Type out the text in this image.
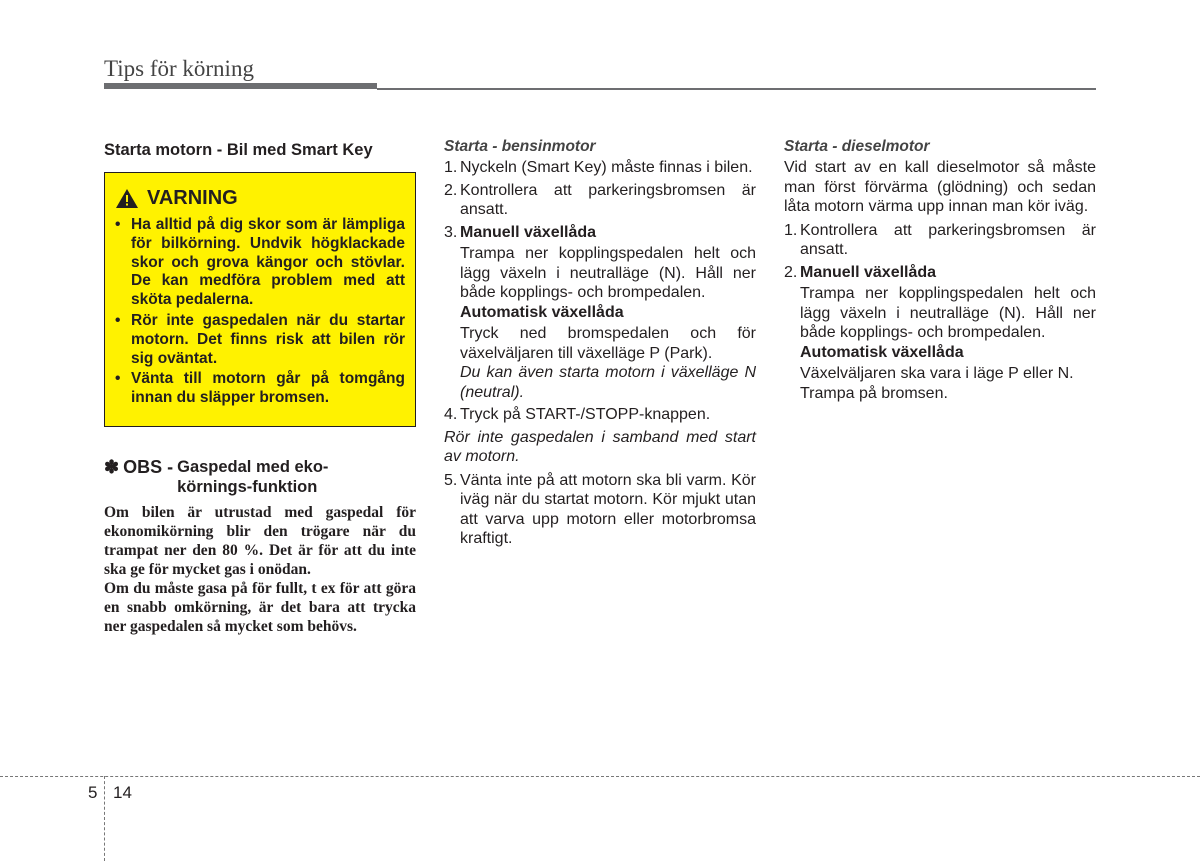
Tips för körning
Starta motorn - Bil med Smart Key
VARNING
• Ha alltid på dig skor som är lämpliga för bilkörning. Undvik högklackade skor och grova kängor och stövlar. De kan medföra problem med att sköta pedalerna.
• Rör inte gaspedalen när du startar motorn. Det finns risk att bilen rör sig oväntat.
• Vänta till motorn går på tomgång innan du släpper bromsen.
✽ OBS - Gaspedal med eko-
körnings-funktion

Om bilen är utrustad med gaspedal för ekonomikörning blir den trögare när du trampat ner den 80 %. Det är för att du inte ska ge för mycket gas i onödan.

Om du måste gasa på för fullt, t ex för att göra en snabb omkörning, är det bara att trycka ner gaspedalen så mycket som behövs.

Starta - bensinmotor
1. Nyckeln (Smart Key) måste finnas i bilen.
2. Kontrollera att parkeringsbromsen är ansatt.
3. Manuell växellåda
Trampa ner kopplingspedalen helt och lägg växeln i neutralläge (N). Håll ner både kopplings- och brompedalen.
Automatisk växellåda
Tryck ned bromspedalen och för växelväljaren till växelläge P (Park).
Du kan även starta motorn i växelläge N (neutral).
4. Tryck på START-/STOPP-knappen.
Rör inte gaspedalen i samband med start av motorn.
5. Vänta inte på att motorn ska bli varm. Kör iväg när du startat motorn. Kör mjukt utan att varva upp motorn eller motorbromsa kraftigt.
Starta - dieselmotor

Vid start av en kall dieselmotor så måste man först förvärma (glödning) och sedan låta motorn värma upp innan man kör iväg.

1. Kontrollera att parkeringsbromsen är ansatt.
2. Manuell växellåda
Trampa ner kopplingspedalen helt och lägg växeln i neutralläge (N). Håll ner både kopplings- och brompedalen.
Automatisk växellåda
Växelväljaren ska vara i läge P eller N. Trampa på bromsen.
5 14
